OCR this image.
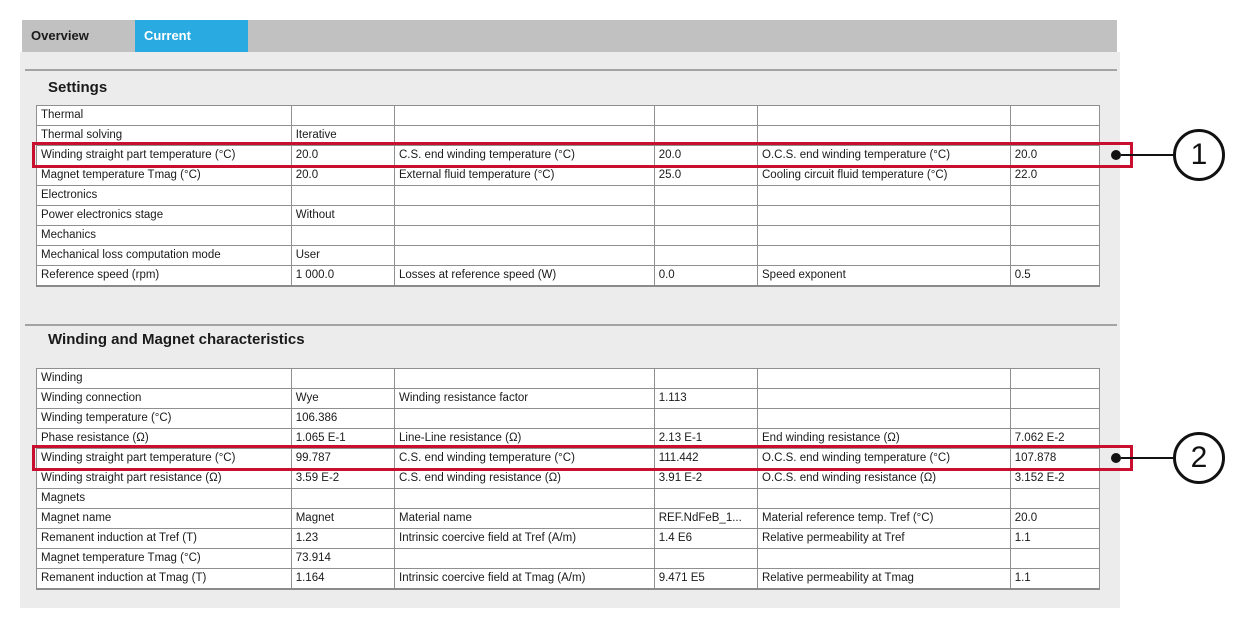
Overview	Current
Settings
Thermal					
Thermal solving	Iterative				
Winding straight part temperature (°C)	20.0	C.S. end winding temperature (°C)	20.0	O.C.S. end winding temperature (°C)	20.0
Magnet temperature Tmag (°C)	20.0	External fluid temperature (°C)	25.0	Cooling circuit fluid temperature (°C)	22.0
Electronics					
Power electronics stage	Without				
Mechanics					
Mechanical loss computation mode	User				
Reference speed (rpm)	1 000.0	Losses at reference speed (W)	0.0	Speed exponent	0.5
Winding and Magnet characteristics
Winding					
Winding connection	Wye	Winding resistance factor	1.113		
Winding temperature (°C)	106.386				
Phase resistance (Ω)	1.065 E-1	Line-Line resistance (Ω)	2.13 E-1	End winding resistance (Ω)	7.062 E-2
Winding straight part temperature (°C)	99.787	C.S. end winding temperature (°C)	111.442	O.C.S. end winding temperature (°C)	107.878
Winding straight part resistance (Ω)	3.59 E-2	C.S. end winding resistance (Ω)	3.91 E-2	O.C.S. end winding resistance (Ω)	3.152 E-2
Magnets					
Magnet name	Magnet	Material name	REF.NdFeB_1...	Material reference temp. Tref (°C)	20.0
Remanent induction at Tref (T)	1.23	Intrinsic coercive field at Tref (A/m)	1.4 E6	Relative permeability at Tref	1.1
Magnet temperature Tmag (°C)	73.914				
Remanent induction at Tmag (T)	1.164	Intrinsic coercive field at Tmag (A/m)	9.471 E5	Relative permeability at Tmag	1.1
1
2
